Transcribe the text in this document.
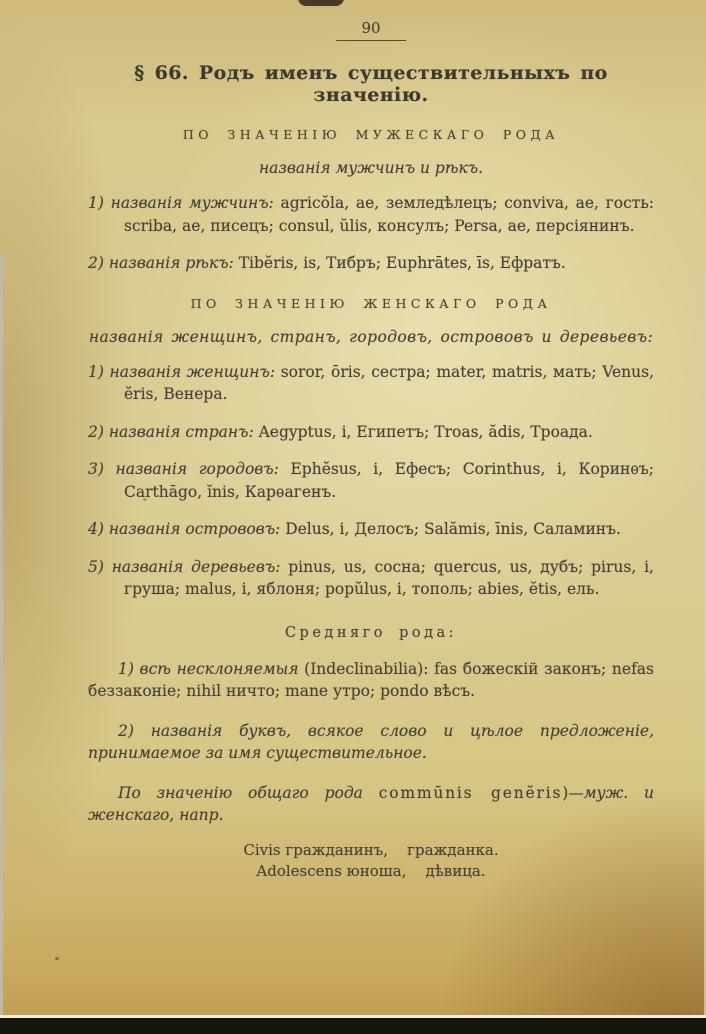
90
§ 66. Родъ именъ существительныхъ по значенію.
ПО ЗНАЧЕНІЮ МУЖЕСКАГО РОДА
названія мужчинъ и рѣкъ.

1) названія мужчинъ: agricŏla, ae, земледѣлецъ; conviva, ae, гость: scriba, ae, писецъ; consul, ŭlis, консулъ; Persa, ae, персіянинъ.

2) названія рѣкъ: Tibĕris, is, Тибръ; Euphrātes, īs, Ефратъ.

ПО ЗНАЧЕНІЮ ЖЕНСКАГО РОДА
названія женщинъ, странъ, городовъ, острововъ и деревьевъ:

1) названія женщинъ: soror, ōris, сестра; mater, matris, мать; Venus, ĕris, Венера.

2) названія странъ: Aegyptus, i, Египетъ; Troas, ădis, Троада.

3) названія городовъ: Ephĕsus, i, Ефесъ; Corinthus, i, Коринѳъ; Carthāgo, ĭnis, Карѳагенъ.

4) названія острововъ: Delus, i, Делосъ; Salămis, īnis, Саламинъ.

5) названія деревьевъ: pinus, us, сосна; quercus, us, дубъ; pirus, i, груша; malus, i, яблоня; popŭlus, i, тополь; abies, ĕtis, ель.

Средняго рода:

1) всѣ несклоняемыя (Indeclinabilia): fas божескій законъ; nefas беззаконіе; nihil ничто; mane утро; pondo вѣсъ.

2) названія буквъ, всякое слово и цѣлое предложеніе, принимаемое за имя существительное.

По значенію общаго рода commūnis genĕris)—муж. и женскаго, напр.

Civis гражданинъ,    гражданка.
Adolescens юноша,    дѣвица.
